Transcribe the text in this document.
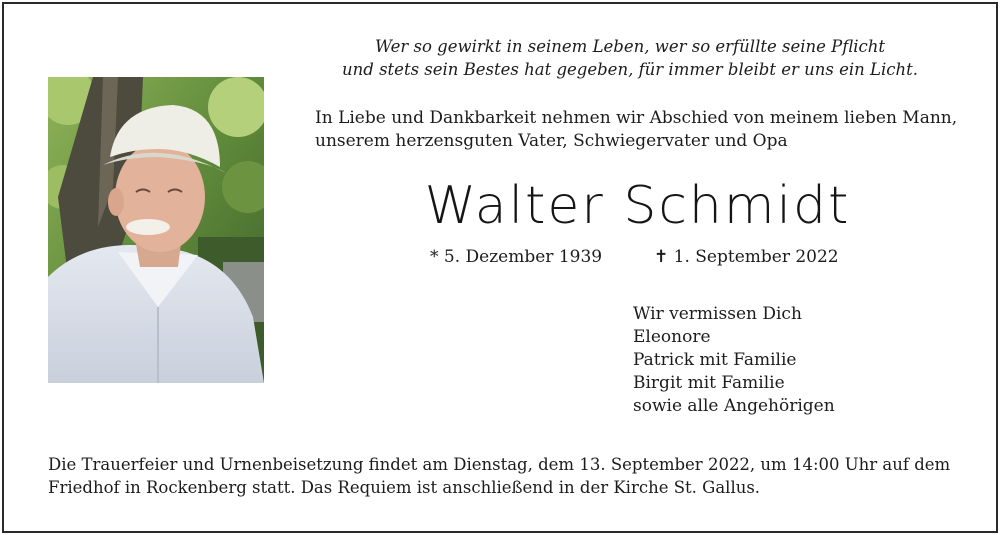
Wer so gewirkt in seinem Leben, wer so erfüllte seine Pflicht
und stets sein Bestes hat gegeben, für immer bleibt er uns ein Licht.
In Liebe und Dankbarkeit nehmen wir Abschied von meinem lieben Mann,
unserem herzensguten Vater, Schwiegervater und Opa
Walter Schmidt
* 5. Dezember 1939	✝ 1. September 2022
Wir vermissen Dich
Eleonore
Patrick mit Familie
Birgit mit Familie
sowie alle Angehörigen
Die Trauerfeier und Urnenbeisetzung findet am Dienstag, dem 13. September 2022, um 14:00 Uhr auf dem
Friedhof in Rockenberg statt. Das Requiem ist anschließend in der Kirche St. Gallus.
